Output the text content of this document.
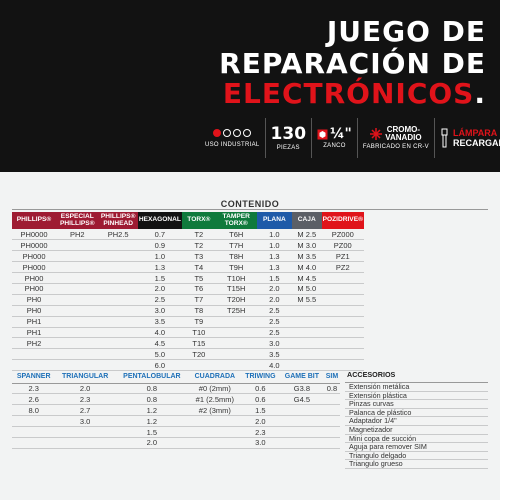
JUEGO DE
REPARACIÓN DE
ELECTRÓNICOS.
USO INDUSTRIAL
130
PIEZAS
¼"
ZANCO
CROMO-
VANADIO
FABRICADO EN CR-V
LÁMPARA
RECARGABLE
CONTENIDO
PHILLIPS®	ESPECIAL PHILLIPS®	PHILLIPS® PINHEAD	HEXAGONAL	TORX®	TAMPER TORX®	PLANA	CAJA	POZIDRIVE®
PH0000	PH2	PH2.5	0.7	T2	T6H	1.0	M 2.5	PZ000
PH0000			0.9	T2	T7H	1.0	M 3.0	PZ00
PH000			1.0	T3	T8H	1.3	M 3.5	PZ1
PH000			1.3	T4	T9H	1.3	M 4.0	PZ2
PH00			1.5	T5	T10H	1.5	M 4.5	
PH00			2.0	T6	T15H	2.0	M 5.0	
PH0			2.5	T7	T20H	2.0	M 5.5	
PH0			3.0	T8	T25H	2.5		
PH1			3.5	T9		2.5		
PH1			4.0	T10		2.5		
PH2			4.5	T15		3.0		
			5.0	T20		3.5		
			6.0			4.0		
SPANNER	TRIANGULAR	PENTALOBULAR	CUADRADA	TRIWING	GAME BIT	SIM
2.3	2.0	0.8	#0 (2mm)	0.6	G3.8	0.8
2.6	2.3	0.8	#1 (2.5mm)	0.6	G4.5	
8.0	2.7	1.2	#2 (3mm)	1.5		
	3.0	1.2		2.0		
		1.5		2.3		
		2.0		3.0		
ACCESORIOS
Extensión metálica
Extensión plástica
Pinzas curvas
Palanca de plástico
Adaptador 1/4"
Magnetizador
Mini copa de succión
Aguja para remover SIM
Triangulo delgado
Triangulo grueso
